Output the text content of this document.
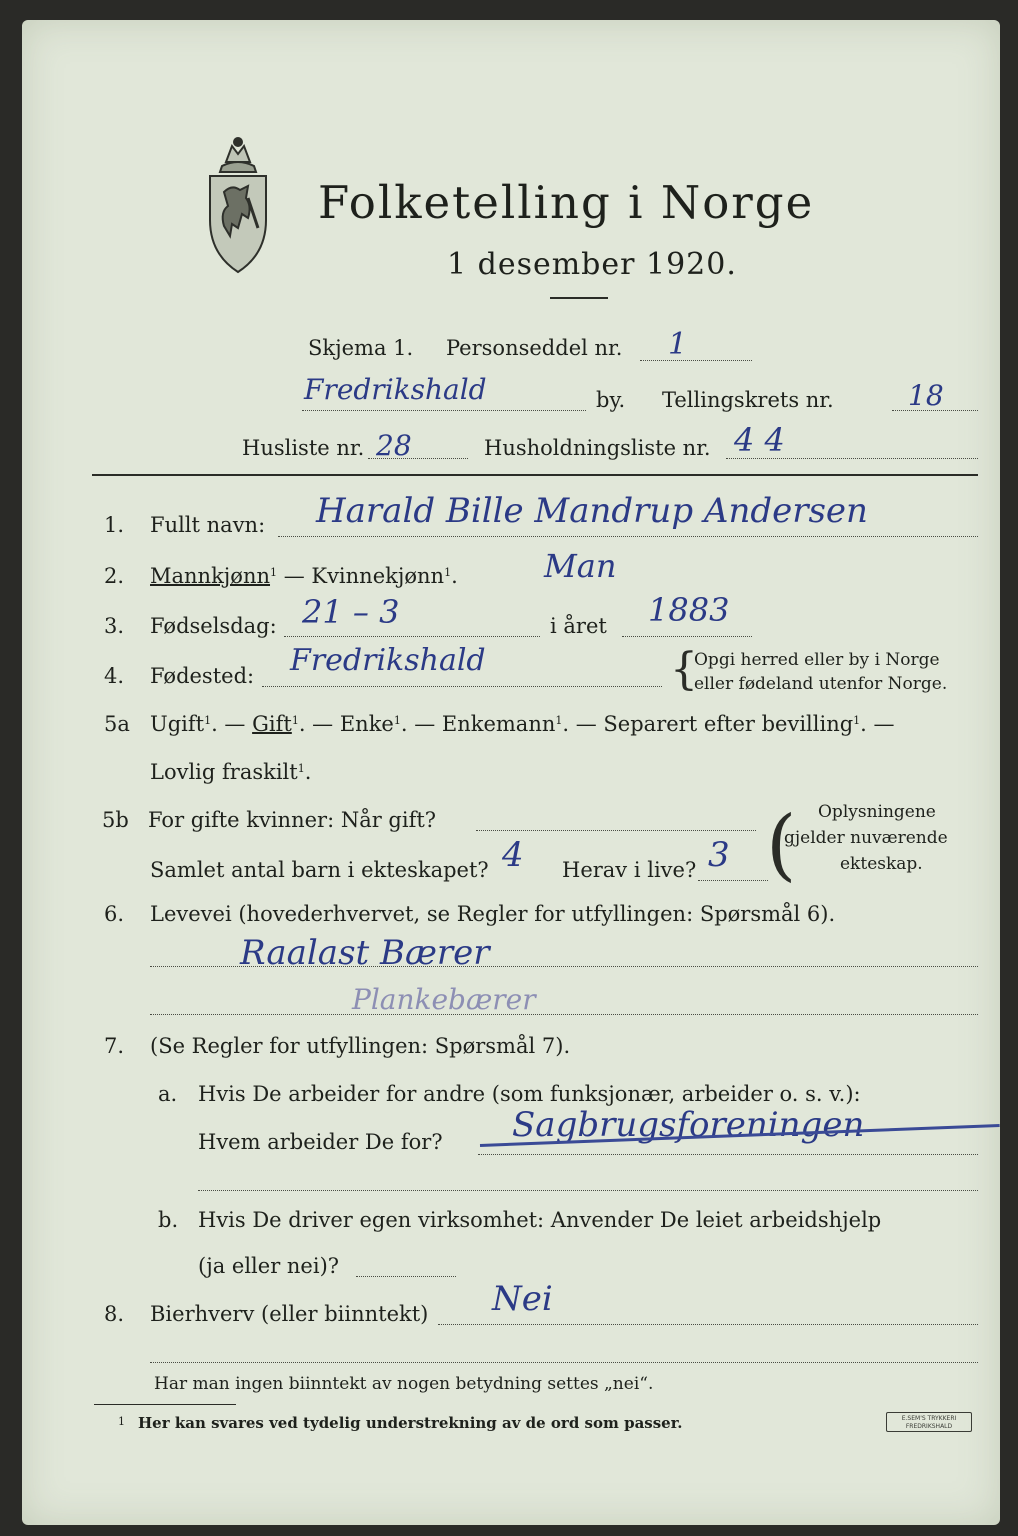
Folketelling i Norge
1 desember 1920.
Skjema 1. Personseddel nr. 1
Fredrikshald	by. Tellingskrets nr.	18
Husliste nr. 28	Husholdningsliste nr. 4 4
1. Fullt navn: Harald Bille Mandrup Andersen
2. Mannkjønn$^1$ — Kvinnekjønn$^1$.	Man
3. Fødselsdag: 21 – 3	i året 1883
4. Fødested: Fredrikshald	{
Opgi herred eller by i Norge
eller fødeland utenfor Norge.
5a Ugift$^1$. — Gift$^1$. — Enke$^1$. — Enkemann$^1$. — Separert efter bevilling$^1$. —
Lovlig fraskilt$^1$.
5b For gifte kvinner: Når gift?
Samlet antal barn i ekteskapet? 4 Herav i live? 3 ( Oplysningene
gjelder nuværende
ekteskap.
6. Levevei (hovederhvervet, se Regler for utfyllingen: Spørsmål 6).
Raalast Bærer
Plankebærer
7. (Se Regler for utfyllingen: Spørsmål 7).
a. Hvis De arbeider for andre (som funksjonær, arbeider o. s. v.):
Hvem arbeider De for? Sagbrugsforeningen
b. Hvis De driver egen virksomhet: Anvender De leiet arbeidshjelp
(ja eller nei)?
8. Bierhverv (eller biinntekt) Nei
Har man ingen biinntekt av nogen betydning settes „nei“.
1 Her kan svares ved tydelig understrekning av de ord som passer.	E.SEM'S TRYKKERI
FREDRIKSHALD
